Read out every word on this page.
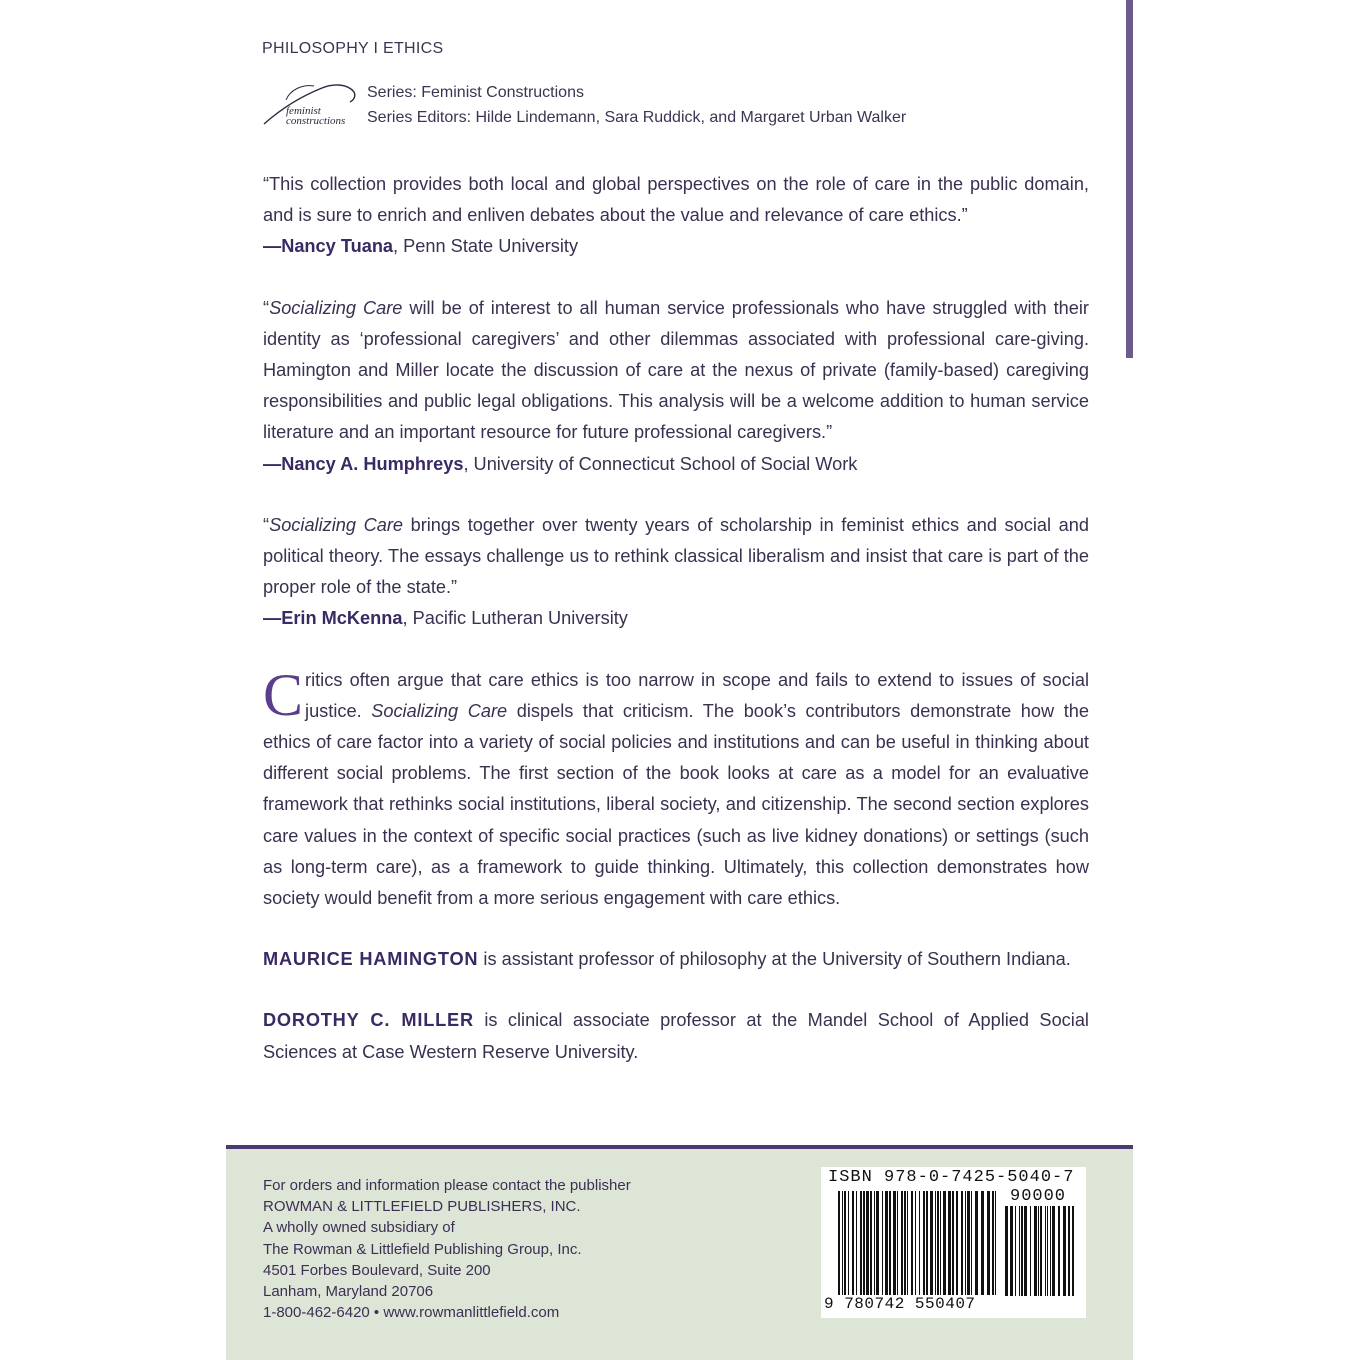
PHILOSOPHY I ETHICS
feminist
constructions
Series: Feminist Constructions
Series Editors: Hilde Lindemann, Sara Ruddick, and Margaret Urban Walker

“This collection provides both local and global perspectives on the role of care in the public domain, and is sure to enrich and enliven debates about the value and relevance of care ethics.”

—Nancy Tuana, Penn State University

“Socializing Care will be of interest to all human service professionals who have struggled with their identity as ‘professional caregivers’ and other dilemmas associated with professional care-giving. Hamington and Miller locate the discussion of care at the nexus of private (family-based) caregiving responsibilities and public legal obligations. This analysis will be a welcome addition to human service literature and an important resource for future professional caregivers.”

—Nancy A. Humphreys, University of Connecticut School of Social Work

“Socializing Care brings together over twenty years of scholarship in feminist ethics and social and political theory. The essays challenge us to rethink classical liberalism and insist that care is part of the proper role of the state.”

—Erin McKenna, Pacific Lutheran University

Critics often argue that care ethics is too narrow in scope and fails to extend to issues of social justice. Socializing Care dispels that criticism. The book’s contributors demonstrate how the ethics of care factor into a variety of social policies and institutions and can be useful in thinking about different social problems. The first section of the book looks at care as a model for an evaluative framework that rethinks social institutions, liberal society, and citizenship. The second section explores care values in the context of specific social practices (such as live kidney donations) or settings (such as long-term care), as a framework to guide thinking. Ultimately, this collection demonstrates how society would benefit from a more serious engagement with care ethics.

MAURICE HAMINGTON is assistant professor of philosophy at the University of Southern Indiana.

DOROTHY C. MILLER is clinical associate professor at the Mandel School of Applied Social Sciences at Case Western Reserve University.

For orders and information please contact the publisher
ROWMAN & LITTLEFIELD PUBLISHERS, INC.
A wholly owned subsidiary of
The Rowman & Littlefield Publishing Group, Inc.
4501 Forbes Boulevard, Suite 200
Lanham, Maryland 20706
1-800-462-6420 • www.rowmanlittlefield.com
ISBN 978-0-7425-5040-7
90000
9 780742 550407
